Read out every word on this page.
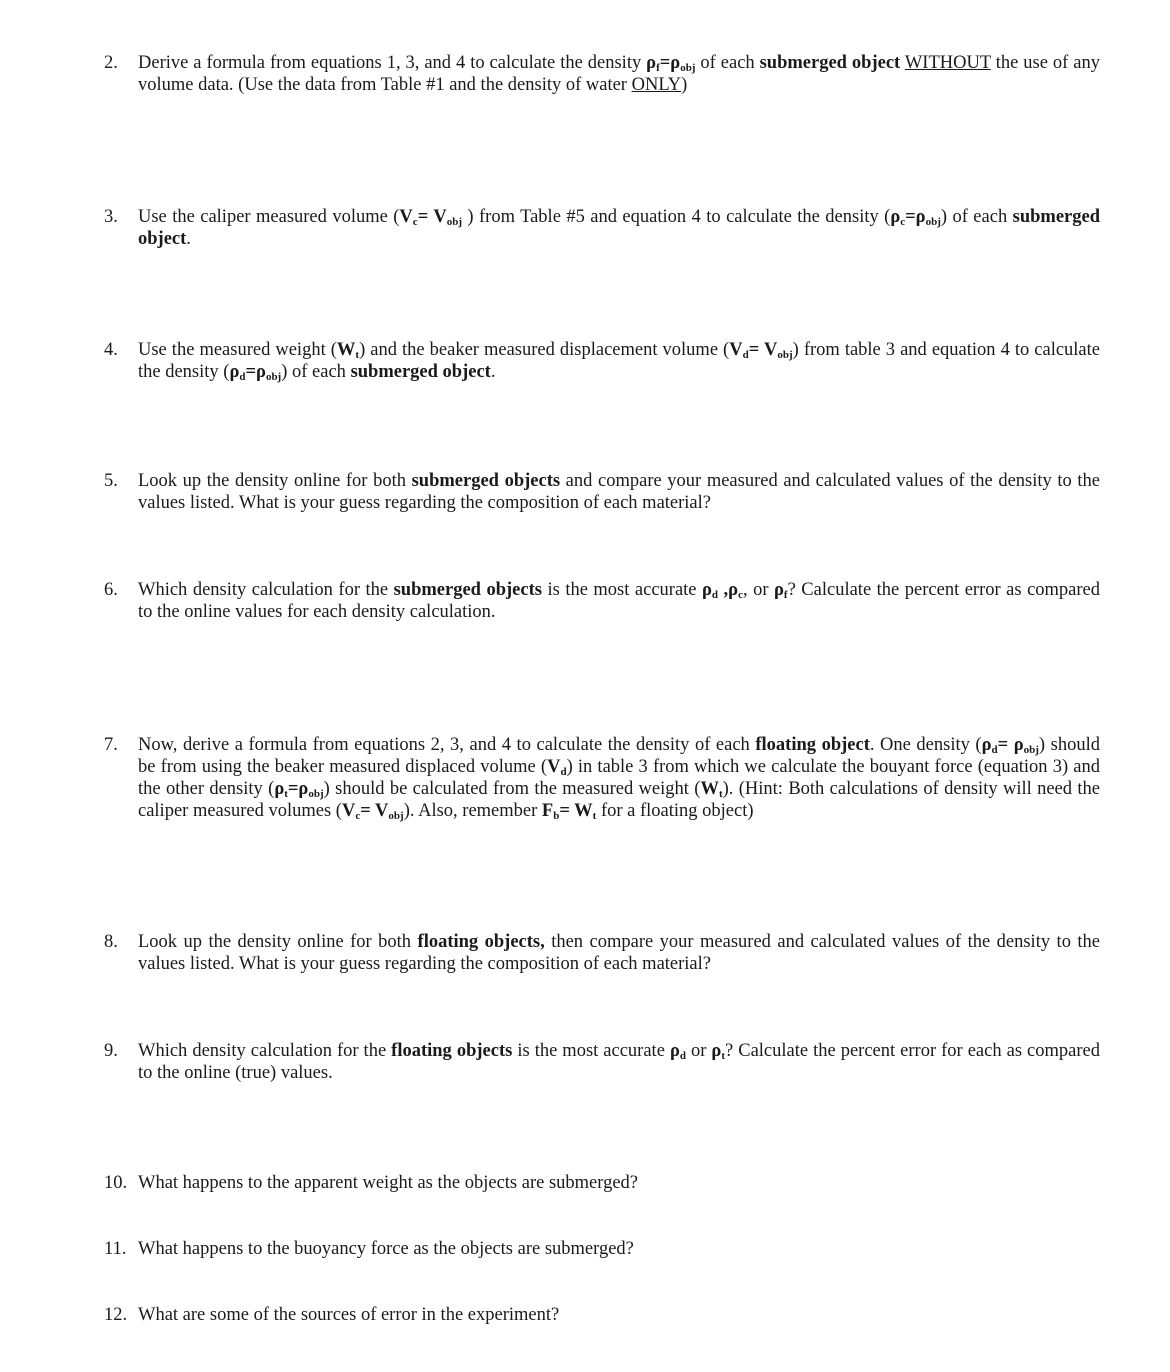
2. Derive a formula from equations 1, 3, and 4 to calculate the density $\rho_f=\rho_{obj}$ of each submerged object WITHOUT the use of any volume data. (Use the data from Table #1 and the density of water ONLY)
3. Use the caliper measured volume ($V_c= V_{obj}$ ) from Table #5 and equation 4 to calculate the density $(\rho_c=\rho_{obj})$ of each submerged object.
4. Use the measured weight $(W_t)$ and the beaker measured displacement volume $(V_d= V_{obj})$ from table 3 and equation 4 to calculate the density $(\rho_d=\rho_{obj})$ of each submerged object.
5. Look up the density online for both submerged objects and compare your measured and calculated values of the density to the values listed. What is your guess regarding the composition of each material?
6. Which density calculation for the submerged objects is the most accurate $\rho_d$ $,\rho_c$, or $\rho_f$? Calculate the percent error as compared to the online values for each density calculation.
7. Now, derive a formula from equations 2, 3, and 4 to calculate the density of each floating object. One density $(\rho_d= \rho_{obj})$ should be from using the beaker measured displaced volume $(V_d)$ in table 3 from which we calculate the bouyant force (equation 3) and the other density $(\rho_t=\rho_{obj})$ should be calculated from the measured weight $(W_t)$. (Hint: Both calculations of density will need the caliper measured volumes $(V_c= V_{obj})$. Also, remember $F_b= W_t$ for a floating object)
8. Look up the density online for both floating objects, then compare your measured and calculated values of the density to the values listed. What is your guess regarding the composition of each material?
9. Which density calculation for the floating objects is the most accurate $\rho_d$ or $\rho_t$? Calculate the percent error for each as compared to the online (true) values.
10. What happens to the apparent weight as the objects are submerged?
11. What happens to the buoyancy force as the objects are submerged?
12. What are some of the sources of error in the experiment?
